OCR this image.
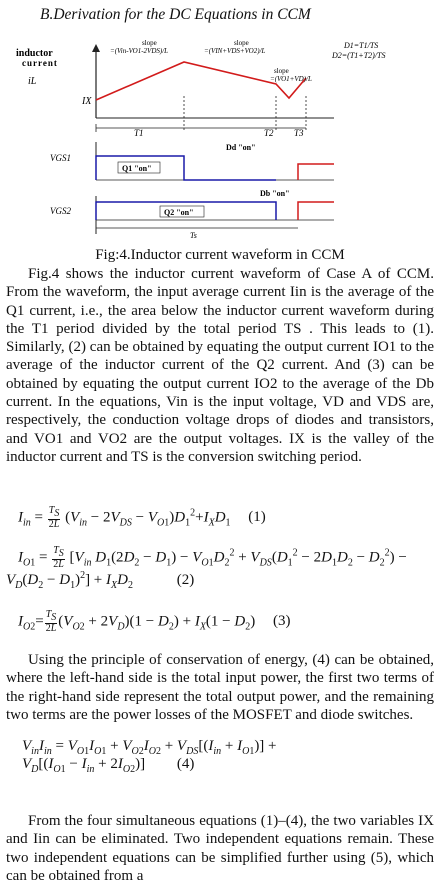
B.Derivation for the DC Equations in CCM
inductor
current
iL
IX
slope
=(Vin-VO1-2VDS)/L
slope
=(VIN+VDS+VO2)/L
slope
=(VO1+VD)/L
D1=T1/TS
D2=(T1+T2)/TS
T1	T2 T3
VGS1
Q1 "on"
Dd "on"
VGS2
Db "on"
Q2 "on"
Ts
Fig:4.Inductor current waveform in CCM

Fig.4 shows the inductor current waveform of Case A of CCM. From the waveform, the input average current Iin is the average of the Q1 current, i.e., the area below the inductor current waveform during the T1 period divided by the total period TS . This leads to (1). Similarly, (2) can be obtained by equating the output current IO1 to the average of the inductor current of the Q2 current. And (3) can be obtained by equating the output current IO2 to the average of the Db current. In the equations, Vin is the input voltage, VD and VDS are, respectively, the conduction voltage drops of diodes and transistors, and VO1 and VO2 are the output voltages. IX is the valley of the inductor current and TS is the conversion switching period.

$I_{in} = \frac{T_S}{2L} (V_{in} - 2V_{DS} - V_{O1})D_1^2+I_XD_1$ (1)
$I_{O1} = \frac{T_S}{2L} [V_{in}$ $D_1(2D_2 - D_1) - V_{O1}D_2^2 + V_{DS}(D_1^2 - 2D_1D_2 - D_2^2)$ −
$V_D(D_2 - D_1)^2] + I_XD_2$	(2)
$I_{O2}= \frac{T_S}{2L} (V_{O2} + 2V_D)(1 - D_2) + I_X(1 - D_2)$ (3)

Using the principle of conservation of energy, (4) can be obtained, where the left-hand side is the total input power, the first two terms of the right-hand side represent the total output power, and the remaining two terms are the power losses of the MOSFET and diode switches.

$V_{in}I_{in} = V_{O1}I_{O1} + V_{O2}I_{O2} + V_{DS}[(I_{in} + I_{O1})]$ +
$V_D[(I_{O1} - I_{in} + 2I_{O2})]$ (4)

From the four simultaneous equations (1)–(4), the two variables IX and Iin can be eliminated. Two independent equations remain. These two independent equations can be simplified further using (5), which can be obtained from a
